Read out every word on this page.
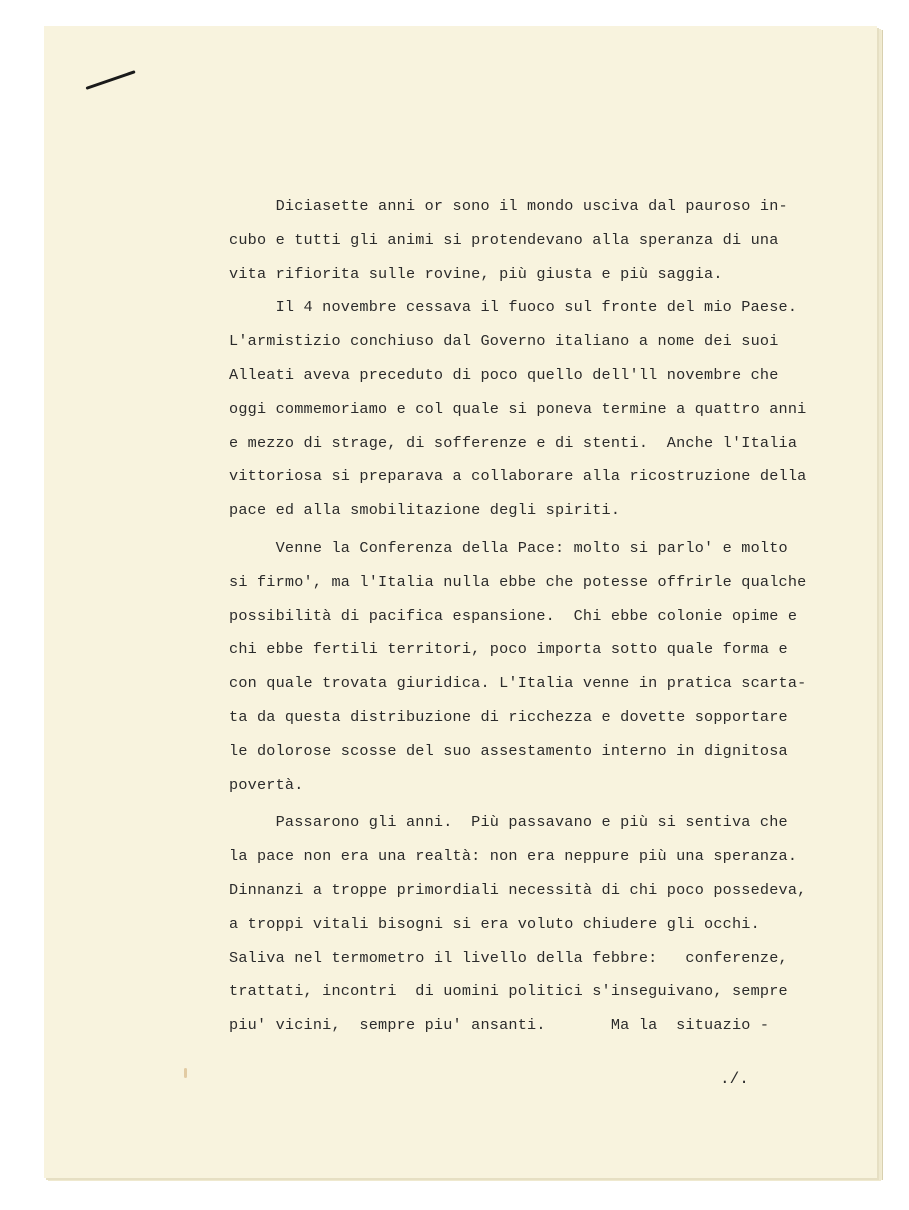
Diciasette anni or sono il mondo usciva dal pauroso in-
cubo e tutti gli animi si protendevano alla speranza di una
vita rifiorita sulle rovine, più giusta e più saggia.
Il 4 novembre cessava il fuoco sul fronte del mio Paese.
L'armistizio conchiuso dal Governo italiano a nome dei suoi
Alleati aveva preceduto di poco quello dell'll novembre che
oggi commemoriamo e col quale si poneva termine a quattro anni
e mezzo di strage, di sofferenze e di stenti.  Anche l'Italia
vittoriosa si preparava a collaborare alla ricostruzione della
pace ed alla smobilitazione degli spiriti.
Venne la Conferenza della Pace: molto si parlo' e molto
si firmo', ma l'Italia nulla ebbe che potesse offrirle qualche
possibilità di pacifica espansione.  Chi ebbe colonie opime e
chi ebbe fertili territori, poco importa sotto quale forma e
con quale trovata giuridica. L'Italia venne in pratica scarta-
ta da questa distribuzione di ricchezza e dovette sopportare
le dolorose scosse del suo assestamento interno in dignitosa
povertà.
Passarono gli anni.  Più passavano e più si sentiva che
la pace non era una realtà: non era neppure più una speranza.
Dinnanzi a troppe primordiali necessità di chi poco possedeva,
a troppi vitali bisogni si era voluto chiudere gli occhi.
Saliva nel termometro il livello della febbre:   conferenze,
trattati, incontri  di uomini politici s'inseguivano, sempre
piu' vicini,  sempre piu' ansanti.       Ma la  situazio -
./.
